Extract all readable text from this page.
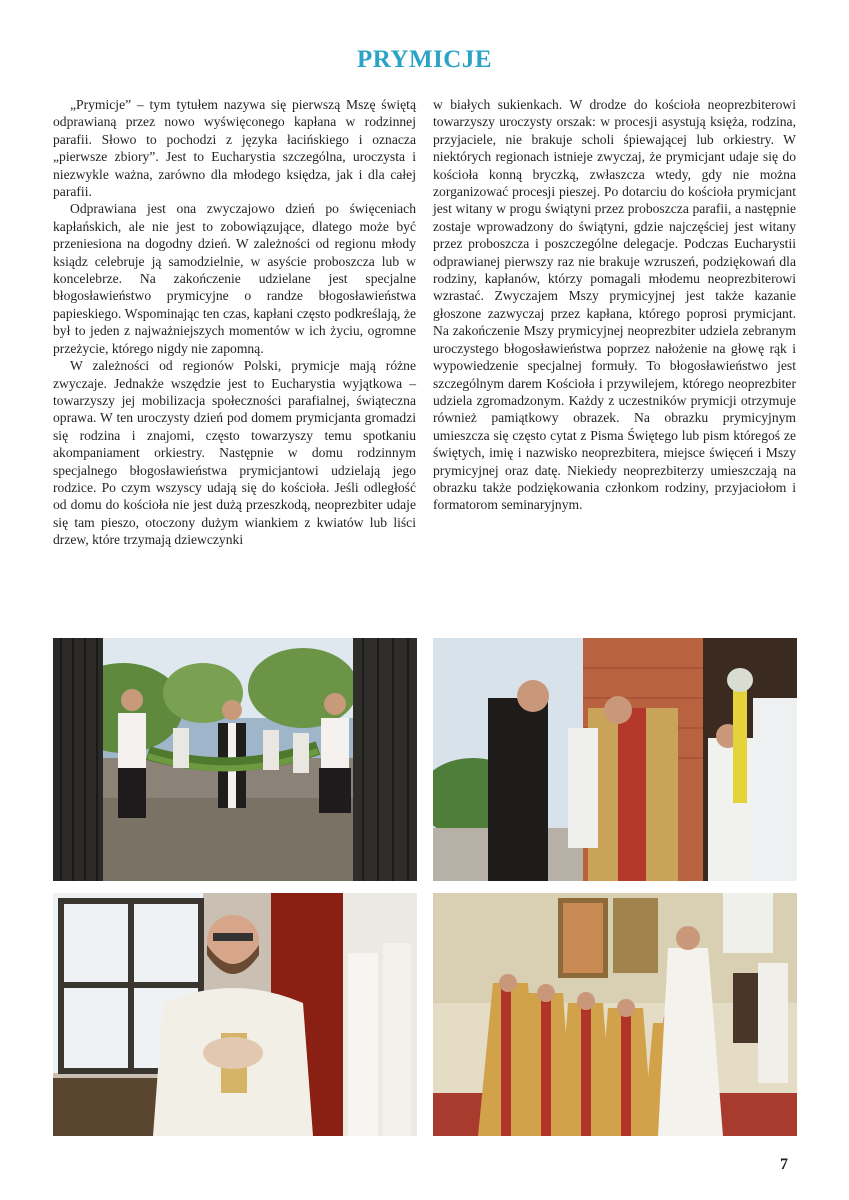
PRYMICJE

„Prymicje” – tym tytułem nazywa się pierwszą Mszę świętą odprawianą przez nowo wyświęconego kapłana w rodzinnej parafii. Słowo to pochodzi z języka łacińskiego i oznacza „pierwsze zbiory”. Jest to Eucharystia szczególna, uroczysta i niezwykle ważna, zarówno dla młodego księdza, jak i dla całej parafii.

Odprawiana jest ona zwyczajowo dzień po święceniach kapłańskich, ale nie jest to zobowiązujące, dlatego może być przeniesiona na dogodny dzień. W zależności od regionu młody ksiądz celebruje ją samodzielnie, w asyście proboszcza lub w koncelebrze. Na zakończenie udzielane jest specjalne błogosławieństwo prymicyjne o randze błogosławieństwa papieskiego. Wspominając ten czas, kapłani często podkreślają, że był to jeden z najważniejszych momentów w ich życiu, ogromne przeżycie, którego nigdy nie zapomną.

W zależności od regionów Polski, prymicje mają różne zwyczaje. Jednakże wszędzie jest to Eucharystia wyjątkowa – towarzyszy jej mobilizacja społeczności parafialnej, świąteczna oprawa. W ten uroczysty dzień pod domem prymicjanta gromadzi się rodzina i znajomi, często towarzyszy temu spotkaniu akompaniament orkiestry. Następnie w domu rodzinnym specjalnego błogosławieństwa prymicjantowi udzielają jego rodzice. Po czym wszyscy udają się do kościoła. Jeśli odległość od domu do kościoła nie jest dużą przeszkodą, neoprezbiter udaje się tam pieszo, otoczony dużym wiankiem z kwiatów lub liści drzew, które trzymają dziewczynki

w białych sukienkach. W drodze do kościoła neoprezbiterowi towarzyszy uroczysty orszak: w procesji asystują księża, rodzina, przyjaciele, nie brakuje scholi śpiewającej lub orkiestry. W niektórych regionach istnieje zwyczaj, że prymicjant udaje się do kościoła konną bryczką, zwłaszcza wtedy, gdy nie można zorganizować procesji pieszej. Po dotarciu do kościoła prymicjant jest witany w progu świątyni przez proboszcza parafii, a następnie zostaje wprowadzony do świątyni, gdzie najczęściej jest witany przez proboszcza i poszczególne delegacje. Podczas Eucharystii odprawianej pierwszy raz nie brakuje wzruszeń, podziękowań dla rodziny, kapłanów, którzy pomagali młodemu neoprezbiterowi wzrastać. Zwyczajem Mszy prymicyjnej jest także kazanie głoszone zazwyczaj przez kapłana, którego poprosi prymicjant. Na zakończenie Mszy prymicyjnej neoprezbiter udziela zebranym uroczystego błogosławieństwa poprzez nałożenie na głowę rąk i wypowiedzenie specjalnej formuły. To błogosławieństwo jest szczególnym darem Kościoła i przywilejem, którego neoprezbiter udziela zgromadzonym. Każdy z uczestników prymicji otrzymuje również pamiątkowy obrazek. Na obrazku prymicyjnym umieszcza się często cytat z Pisma Świętego lub pism któregoś ze świętych, imię i nazwisko neoprezbitera, miejsce święceń i Mszy prymicyjnej oraz datę. Niekiedy neoprezbiterzy umieszczają na obrazku także podziękowania członkom rodziny, przyjaciołom i formatorom seminaryjnym.

7
